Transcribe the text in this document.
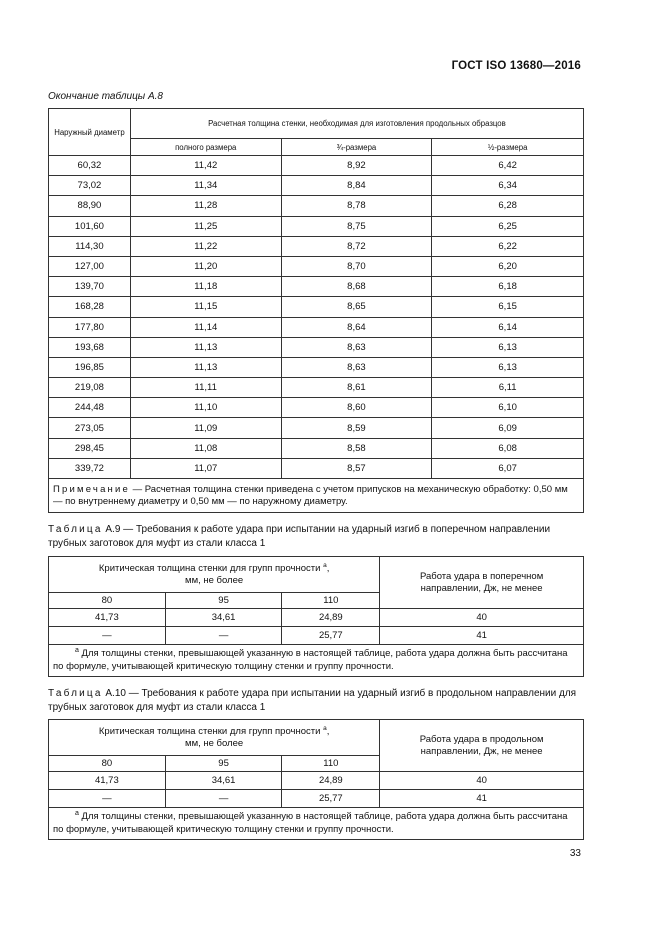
ГОСТ ISO 13680—2016
Окончание таблицы А.8
Наружный диаметр	Расчетная толщина стенки, необходимая для изготовления продольных образцов		
	полного размера	¾-размера	½-размера
60,32	11,42	8,92	6,42
73,02	11,34	8,84	6,34
88,90	11,28	8,78	6,28
101,60	11,25	8,75	6,25
114,30	11,22	8,72	6,22
127,00	11,20	8,70	6,20
139,70	11,18	8,68	6,18
168,28	11,15	8,65	6,15
177,80	11,14	8,64	6,14
193,68	11,13	8,63	6,13
196,85	11,13	8,63	6,13
219,08	11,11	8,61	6,11
244,48	11,10	8,60	6,10
273,05	11,09	8,59	6,09
298,45	11,08	8,58	6,08
339,72	11,07	8,57	6,07
Примечание — Расчетная толщина стенки приведена с учетом припусков на механическую обработку: 0,50 мм — по внутреннему диаметру и 0,50 мм — по наружному диаметру.			
Таблица А.9 — Требования к работе удара при испытании на ударный изгиб в поперечном направлении трубных заготовок для муфт из стали класса 1
Критическая толщина стенки для групп прочности $^a$,
мм, не более			Работа удара в поперечном направлении, Дж, не менее
80	95	110	
41,73	34,61	24,89	40
—	—	25,77	41
$^a$ Для толщины стенки, превышающей указанную в настоящей таблице, работа удара должна быть рассчитана по формуле, учитывающей критическую толщину стенки и группу прочности.			
Таблица А.10 — Требования к работе удара при испытании на ударный изгиб в продольном направлении для трубных заготовок для муфт из стали класса 1
Критическая толщина стенки для групп прочности $^a$,
мм, не более			Работа удара в продольном направлении, Дж, не менее
80	95	110	
41,73	34,61	24,89	40
—	—	25,77	41
$^a$ Для толщины стенки, превышающей указанную в настоящей таблице, работа удара должна быть рассчитана по формуле, учитывающей критическую толщину стенки и группу прочности.			
33
